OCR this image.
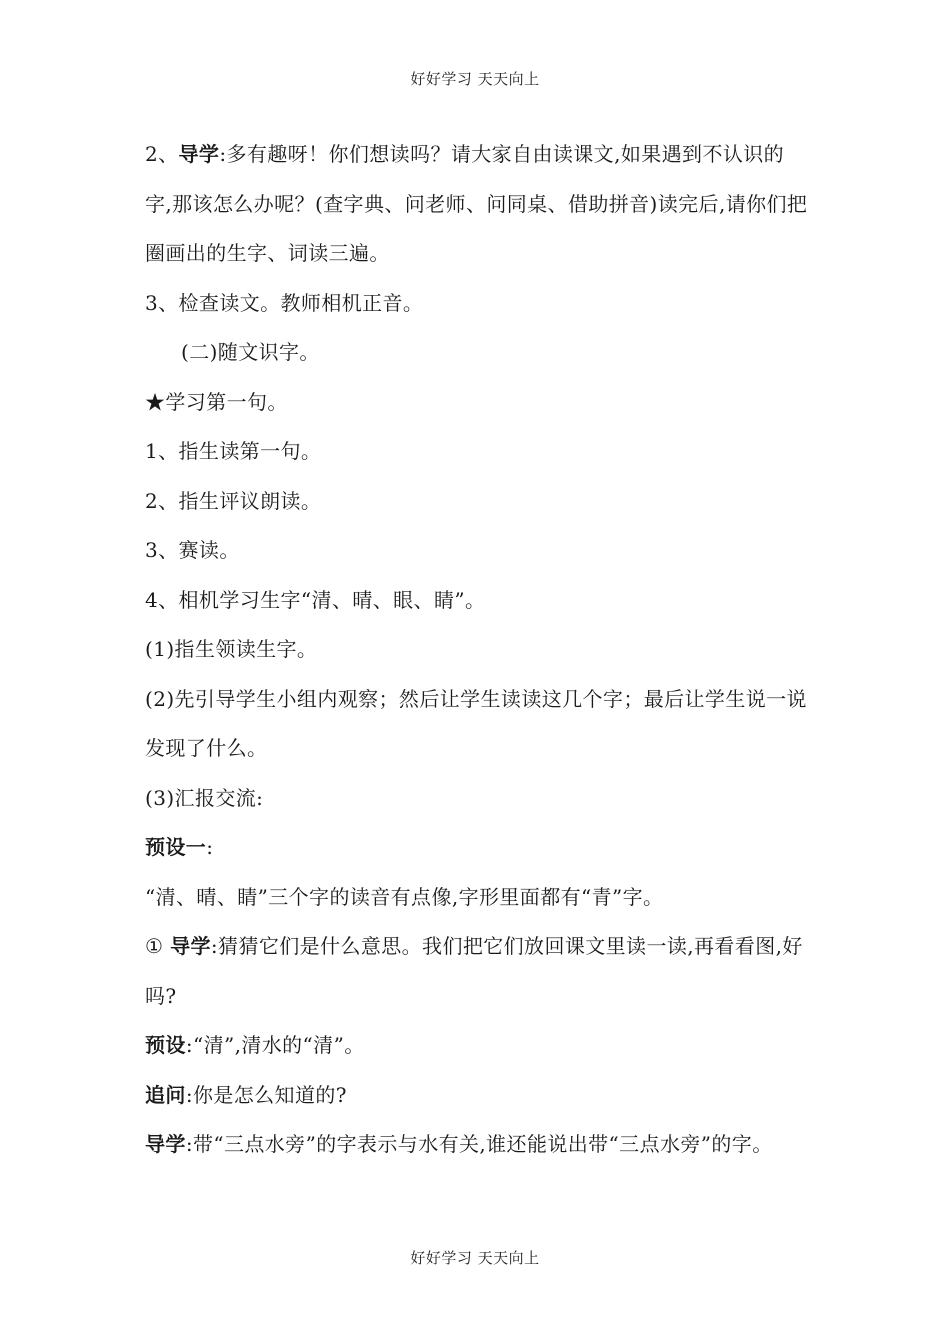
好好学习 天天向上

2、导学:多有趣呀！你们想读吗？请大家自由读课文,如果遇到不认识的字,那该怎么办呢？(查字典、问老师、问同桌、借助拼音)读完后,请你们把圈画出的生字、词读三遍。

3、检查读文。教师相机正音。

(二)随文识字。

★学习第一句。

1、指生读第一句。

2、指生评议朗读。

3、赛读。

4、相机学习生字“清、晴、眼、睛”。

(1)指生领读生字。

(2)先引导学生小组内观察；然后让学生读读这几个字；最后让学生说一说发现了什么。

(3)汇报交流:

预设一:

“清、晴、睛”三个字的读音有点像,字形里面都有“青”字。

① 导学:猜猜它们是什么意思。我们把它们放回课文里读一读,再看看图,好吗?

预设:“清”,清水的“清”。

追问:你是怎么知道的?

导学:带“三点水旁”的字表示与水有关,谁还能说出带“三点水旁”的字。

好好学习 天天向上
